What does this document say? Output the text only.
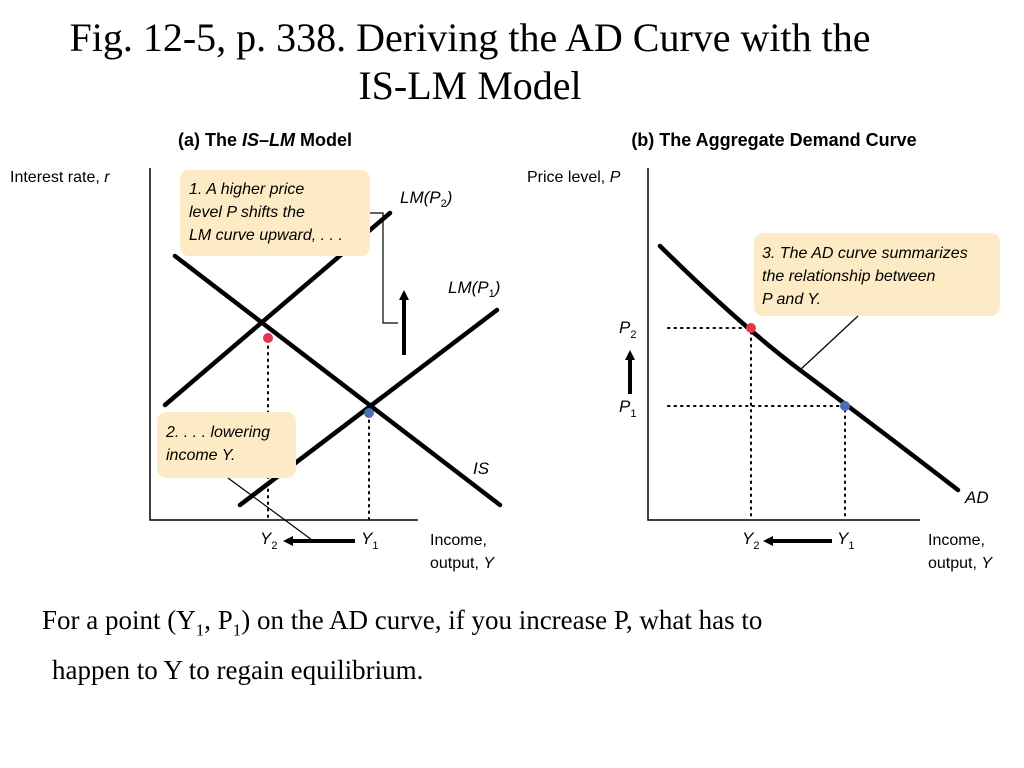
Fig. 12-5, p. 338. Deriving the AD Curve with the
IS-LM Model
(a) The IS–LM Model
Interest rate, r
$LM(P_2)$
$LM(P_1)$
IS
1. A higher price level P shifts the LM curve upward, . . .
2. . . . lowering income Y.
$Y_2$	$Y_1$	Income, output, Y
(b) The Aggregate Demand Curve
Price level, P
$P_2$
$P_1$
$Y_2$	$Y_1$
AD
3. The AD curve summarizes the relationship between P and Y.
Income, output, Y
For a point ($Y_1$, $P_1$) on the AD curve, if you increase P, what has to
happen to Y to regain equilibrium.
